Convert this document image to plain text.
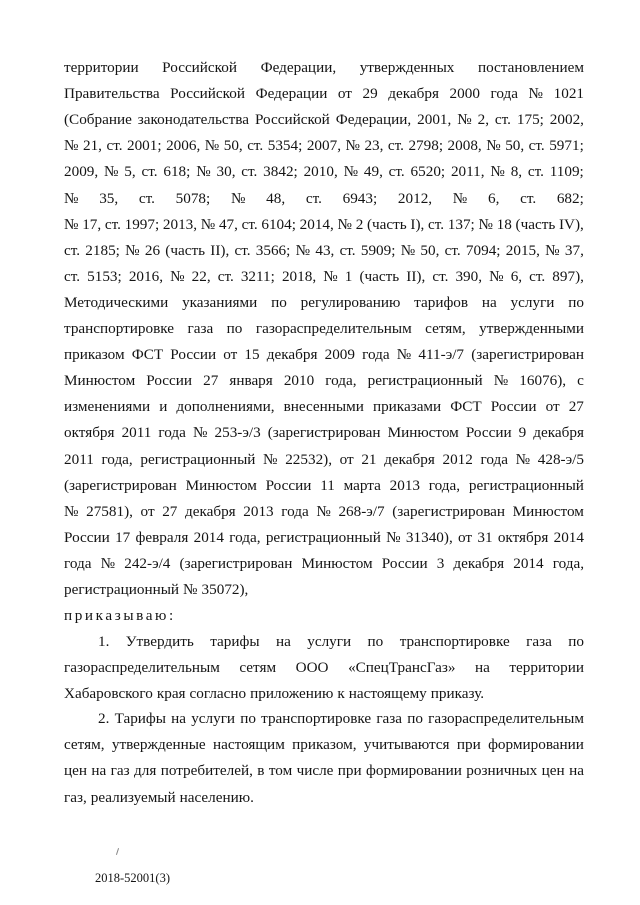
территории Российской Федерации, утвержденных постановлением
Правительства Российской Федерации от 29 декабря 2000 года № 1021
(Собрание законодательства Российской Федерации, 2001, № 2, ст. 175; 2002,
№ 21, ст. 2001; 2006, № 50, ст. 5354; 2007, № 23, ст. 2798; 2008, № 50, ст. 5971;
2009, № 5, ст. 618; № 30, ст. 3842; 2010, № 49, ст. 6520; 2011, № 8, ст. 1109;
№ 35, ст. 5078; № 48, ст. 6943; 2012, № 6, ст. 682;
№ 17, ст. 1997; 2013, № 47, ст. 6104; 2014, № 2 (часть I), ст. 137; № 18 (часть IV),
ст. 2185; № 26 (часть II), ст. 3566; № 43, ст. 5909; № 50, ст. 7094; 2015, № 37,
ст. 5153; 2016, № 22, ст. 3211; 2018, № 1 (часть II), ст. 390, № 6, ст. 897),
Методическими указаниями по регулированию тарифов на услуги по
транспортировке газа по газораспределительным сетям, утвержденными
приказом ФСТ России от 15 декабря 2009 года № 411-э/7 (зарегистрирован
Минюстом России 27 января 2010 года, регистрационный № 16076), с
изменениями и дополнениями, внесенными приказами ФСТ России от 27
октября 2011 года № 253-э/3 (зарегистрирован Минюстом России 9 декабря
2011 года, регистрационный № 22532), от 21 декабря 2012 года № 428-э/5
(зарегистрирован Минюстом России 11 марта 2013 года, регистрационный
№ 27581), от 27 декабря 2013 года № 268-э/7 (зарегистрирован Минюстом
России 17 февраля 2014 года, регистрационный № 31340), от 31 октября 2014
года № 242-э/4 (зарегистрирован Минюстом России 3 декабря 2014 года,
регистрационный № 35072),
приказываю:
1. Утвердить тарифы на услуги по транспортировке газа по
газораспределительным сетям ООО «СпецТрансГаз» на территории
Хабаровского края согласно приложению к настоящему приказу.
2. Тарифы на услуги по транспортировке газа по газораспределительным
сетям, утвержденные настоящим приказом, учитываются при формировании
цен на газ для потребителей, в том числе при формировании розничных цен на
газ, реализуемый населению.
2018-52001(3)
